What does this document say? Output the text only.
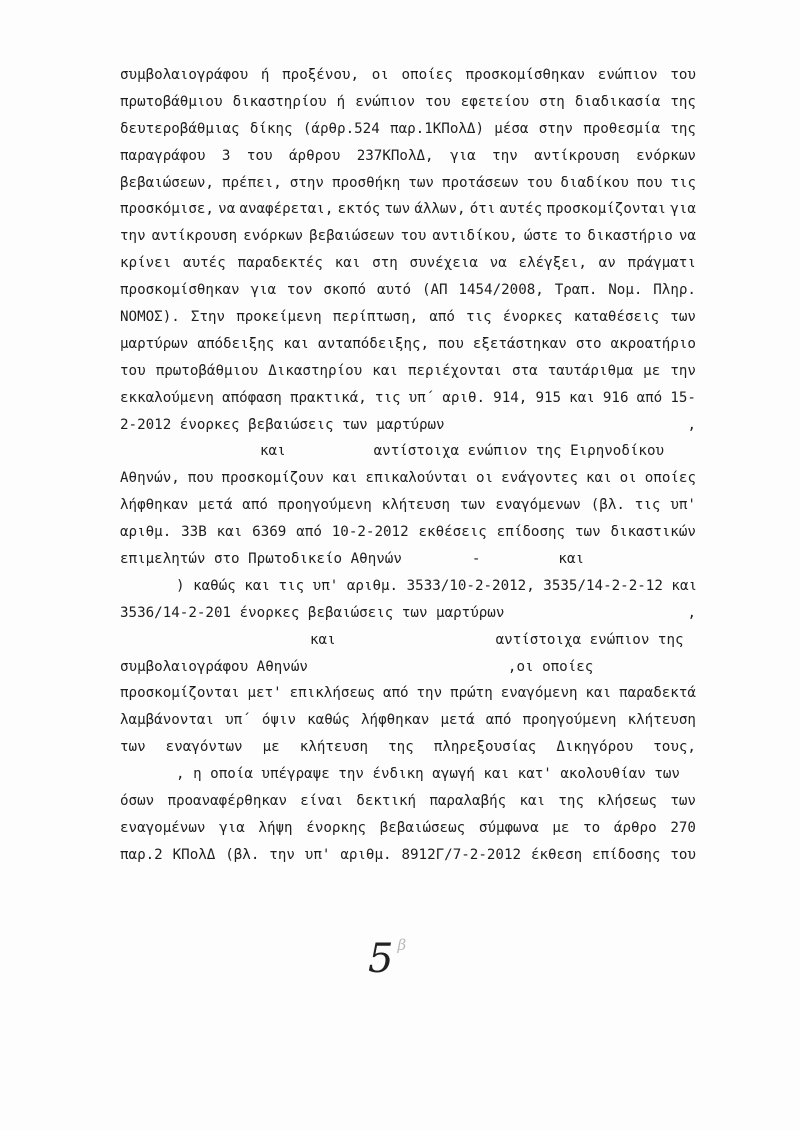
συμβολαιογράφου ή προξένου, οι οποίες προσκομίσθηκαν ενώπιον του
πρωτοβάθμιου δικαστηρίου ή ενώπιον του εφετείου στη διαδικασία της
δευτεροβάθμιας δίκης (άρθρ.524 παρ.1ΚΠολΔ) μέσα στην προθεσμία της
παραγράφου 3 του άρθρου 237ΚΠολΔ, για την αντίκρουση ενόρκων
βεβαιώσεων, πρέπει, στην προσθήκη των προτάσεων του διαδίκου που τις
προσκόμισε, να αναφέρεται, εκτός των άλλων, ότι αυτές προσκομίζονται για
την αντίκρουση ενόρκων βεβαιώσεων του αντιδίκου, ώστε το δικαστήριο να
κρίνει αυτές παραδεκτές και στη συνέχεια να ελέγξει, αν πράγματι
προσκομίσθηκαν για τον σκοπό αυτό (ΑΠ 1454/2008, Τραπ. Νομ. Πληρ.
ΝΟΜΟΣ). Στην προκείμενη περίπτωση, από τις ένορκες καταθέσεις των
μαρτύρων απόδειξης και ανταπόδειξης, που εξετάστηκαν στο ακροατήριο
του πρωτοβάθμιου Δικαστηρίου και περιέχονται στα ταυτάριθμα με την
εκκαλούμενη απόφαση πρακτικά, τις υπ΄ αριθ. 914, 915 και 916 από 15-
2-2012 ένορκες βεβαιώσεις των μαρτύρων	,
και	αντίστοιχα ενώπιον της Ειρηνοδίκου
Αθηνών, που προσκομίζουν και επικαλούνται οι ενάγοντες και οι οποίες
λήφθηκαν μετά από προηγούμενη κλήτευση των εναγόμενων (βλ. τις υπ'
αριθμ. 33Β και 6369 από 10-2-2012 εκθέσεις επίδοσης των δικαστικών
επιμελητών στο Πρωτοδικείο Αθηνών	-	και
) καθώς και τις υπ' αριθμ. 3533/10-2-2012, 3535/14-2-2-12 και
3536/14-2-201 ένορκες βεβαιώσεις των μαρτύρων	,
και	αντίστοιχα ενώπιον της
συμβολαιογράφου Αθηνών	, οι οποίες
προσκομίζονται μετ' επικλήσεως από την πρώτη εναγόμενη και παραδεκτά
λαμβάνονται υπ΄ όψιν καθώς λήφθηκαν μετά από προηγούμενη κλήτευση
των εναγόντων με κλήτευση της πληρεξουσίας Δικηγόρου τους,
, η οποία υπέγραψε την ένδικη αγωγή και κατ' ακολουθίαν των
όσων προαναφέρθηκαν είναι δεκτική παραλαβής και της κλήσεως των
εναγομένων για λήψη ένορκης βεβαιώσεως σύμφωνα με το άρθρο 270
παρ.2 ΚΠολΔ (βλ. την υπ' αριθμ. 8912Γ/7-2-2012 έκθεση επίδοσης του
5 β
